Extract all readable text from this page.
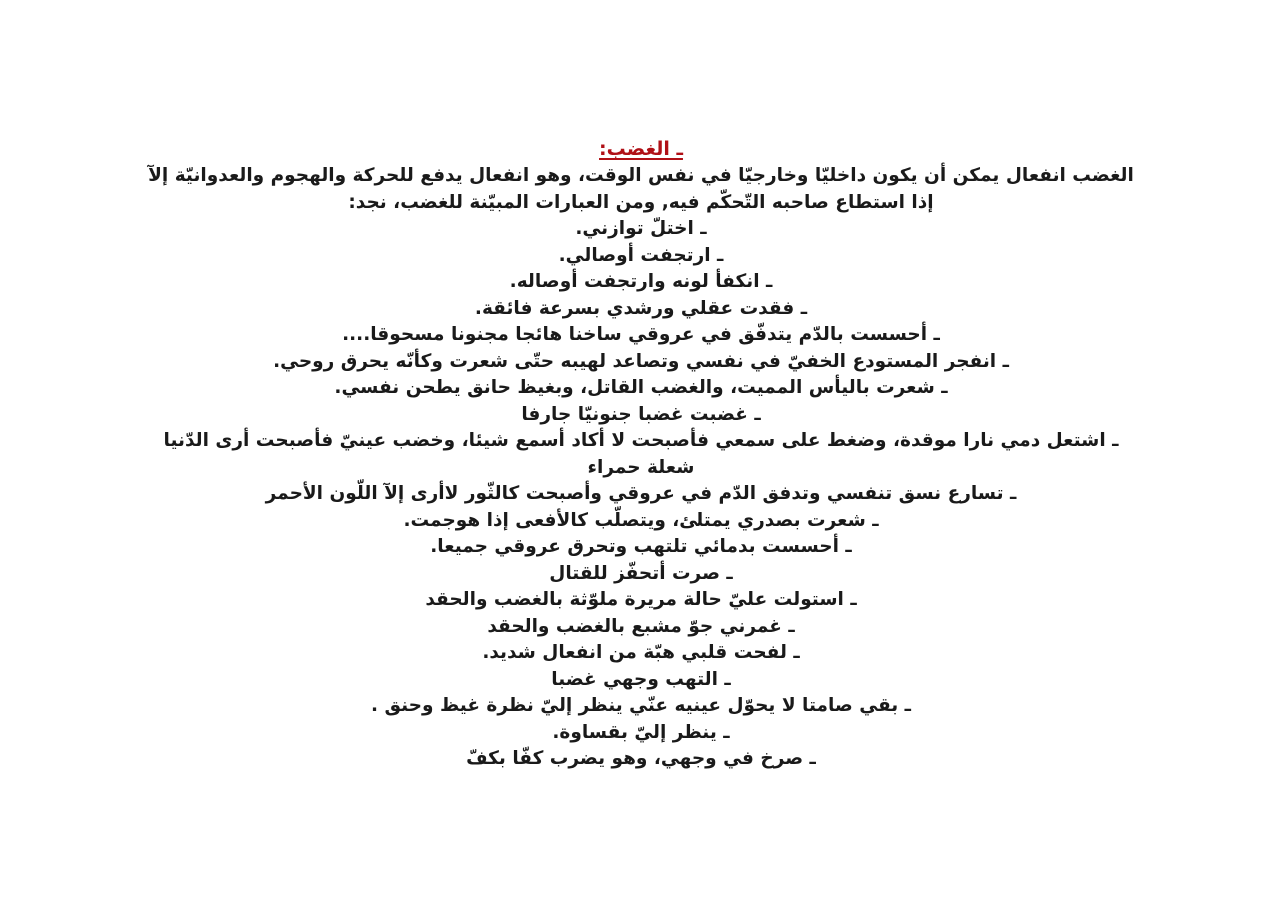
ـ الغضب:
الغضب انفعال يمكن أن يكون داخليّا وخارجيّا في نفس الوقت، وهو انفعال يدفع للحركة والهجوم والعدوانيّة إلآ
إذا استطاع صاحبه التّحكّم فيه, ومن العبارات المبيّنة للغضب، نجد:
ـ اختلّ توازني.
ـ ارتجفت أوصالي.
ـ انكفأ لونه وارتجفت أوصاله.
ـ فقدت عقلي ورشدي بسرعة فائقة.
ـ أحسست بالدّم يتدفّق في عروقي ساخنا هائجا مجنونا مسحوقا....
ـ انفجر المستودع الخفيّ في نفسي وتصاعد لهيبه حتّى شعرت وكأنّه يحرق روحي.
ـ شعرت باليأس المميت، والغضب القاتل، وبغيظ حانق يطحن نفسي.
ـ غضبت غضبا جنونيّا جارفا
ـ اشتعل دمي نارا موقدة، وضغط على سمعي فأصبحت لا أكاد أسمع شيئا، وخضب عينيّ فأصبحت أرى الدّنيا
شعلة حمراء
ـ تسارع نسق تنفسي وتدفق الدّم في عروقي وأصبحت كالثّور لاأرى إلآ اللّون الأحمر
ـ شعرت بصدري يمتلئ، ويتصلّب كالأفعى إذا هوجمت.
ـ أحسست بدمائي تلتهب وتحرق عروقي جميعا.
ـ صرت أتحفّز للقتال
ـ استولت عليّ حالة مريرة ملوّثة بالغضب والحقد
ـ غمرني جوّ مشبع بالغضب والحقد
ـ لفحت قلبي هبّة من انفعال شديد.
ـ التهب وجهي غضبا
ـ بقي صامتا لا يحوّل عينيه عنّي ينظر إليّ نظرة غيظ وحنق .
ـ ينظر إليّ بقساوة.
ـ صرخ في وجهي، وهو يضرب كفّا بكفّ
